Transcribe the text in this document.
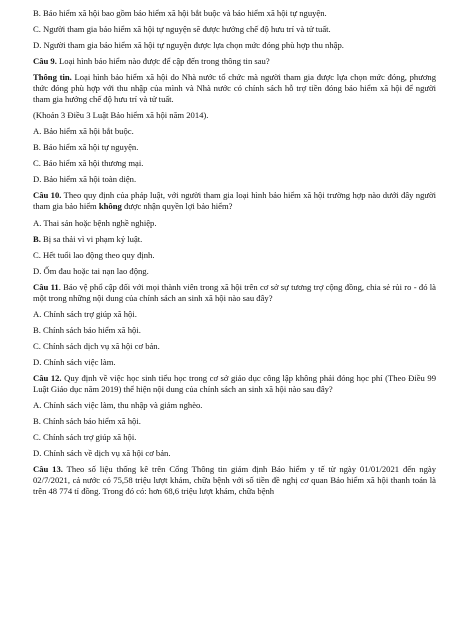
B. Bảo hiểm xã hội bao gồm bảo hiểm xã hội bắt buộc và bảo hiểm xã hội tự nguyện.

C. Người tham gia bảo hiểm xã hội tự nguyện sẽ được hưởng chế độ hưu trí và tử tuất.

D. Người tham gia bảo hiểm xã hội tự nguyện được lựa chọn mức đóng phù hợp thu nhập.

Câu 9. Loại hình bảo hiểm nào được để cập đến trong thông tin sau?

Thông tin. Loại hình bảo hiểm xã hội do Nhà nước tổ chức mà người tham gia được lựa chọn mức đóng, phương thức đóng phù hợp với thu nhập của mình và Nhà nước có chính sách hỗ trợ tiền đóng bảo hiểm xã hội để người tham gia hưởng chế độ hưu trí và tử tuất.

(Khoản 3 Điều 3 Luật Bảo hiểm xã hội năm 2014).

A. Bảo hiểm xã hội bắt buộc.

B. Bảo hiểm xã hội tự nguyện.

C. Bảo hiểm xã hội thương mại.

D. Bảo hiểm xã hội toàn diện.

Câu 10. Theo quy định của pháp luật, với người tham gia loại hình bảo hiểm xã hội trường hợp nào dưới đây người tham gia bảo hiểm không được nhận quyền lợi bảo hiểm?

A. Thai sản hoặc bệnh nghề nghiệp.

B. Bị sa thải vì vi phạm kỷ luật.

C. Hết tuổi lao động theo quy định.

D. Ốm đau hoặc tai nạn lao động.

Câu 11. Bảo vệ phổ cập đối với mọi thành viên trong xã hội trên cơ sở sự tương trợ cộng đồng, chia sẻ rủi ro - đó là một trong những nội dung của chính sách an sinh xã hội nào sau đây?

A. Chính sách trợ giúp xã hội.

B. Chính sách bảo hiểm xã hội.

C. Chính sách dịch vụ xã hội cơ bản.

D. Chính sách việc làm.

Câu 12. Quy định về việc học sinh tiểu học trong cơ sở giáo dục công lập không phải đóng học phí (Theo Điều 99 Luật Giáo dục năm 2019) thể hiện nội dung của chính sách an sinh xã hội nào sau đây?

A. Chính sách việc làm, thu nhập và giảm nghèo.

B. Chính sách bảo hiểm xã hội.

C. Chính sách trợ giúp xã hội.

D. Chính sách về dịch vụ xã hội cơ bản.

Câu 13. Theo số liệu thống kê trên Cổng Thông tin giám định Bảo hiểm y tế từ ngày 01/01/2021 đến ngày 02/7/2021, cả nước có 75,58 triệu lượt khám, chữa bệnh với số tiền đề nghị cơ quan Bảo hiểm xã hội thanh toán là trên 48 774 tỉ đồng. Trong đó có: hơn 68,6 triệu lượt khám, chữa bệnh
